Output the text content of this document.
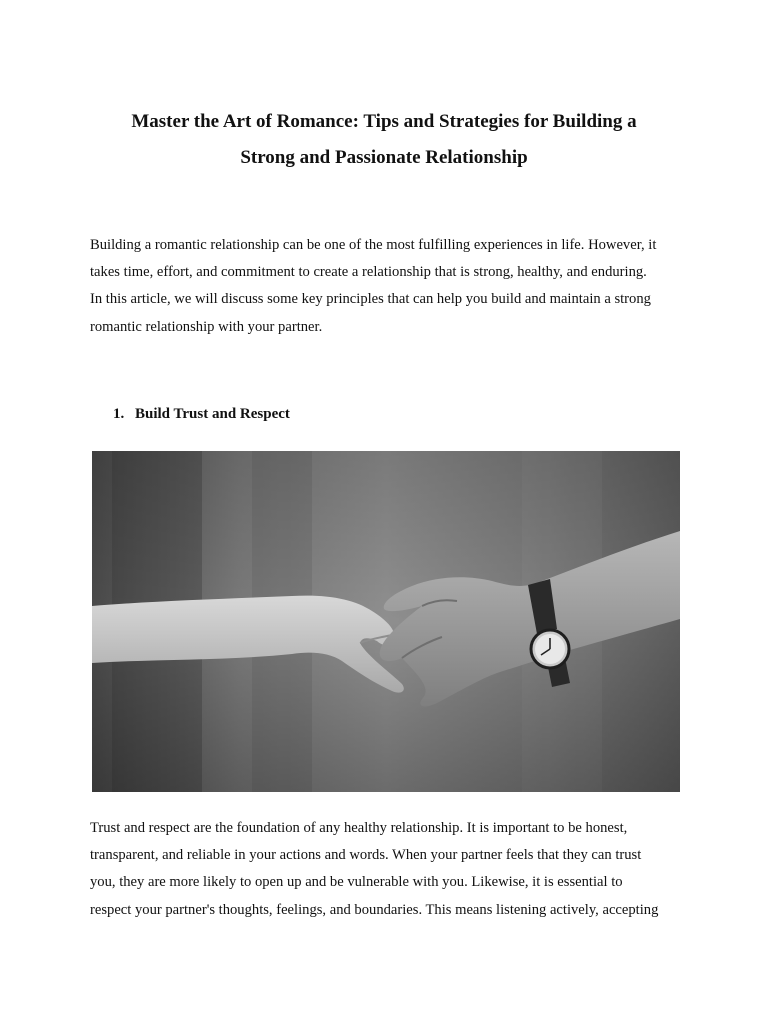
Master the Art of Romance: Tips and Strategies for Building a
Strong and Passionate Relationship

Building a romantic relationship can be one of the most fulfilling experiences in life. However, it
takes time, effort, and commitment to create a relationship that is strong, healthy, and enduring.
In this article, we will discuss some key principles that can help you build and maintain a strong
romantic relationship with your partner.

1. Build Trust and Respect

Trust and respect are the foundation of any healthy relationship. It is important to be honest,
transparent, and reliable in your actions and words. When your partner feels that they can trust
you, they are more likely to open up and be vulnerable with you. Likewise, it is essential to
respect your partner's thoughts, feelings, and boundaries. This means listening actively, accepting
